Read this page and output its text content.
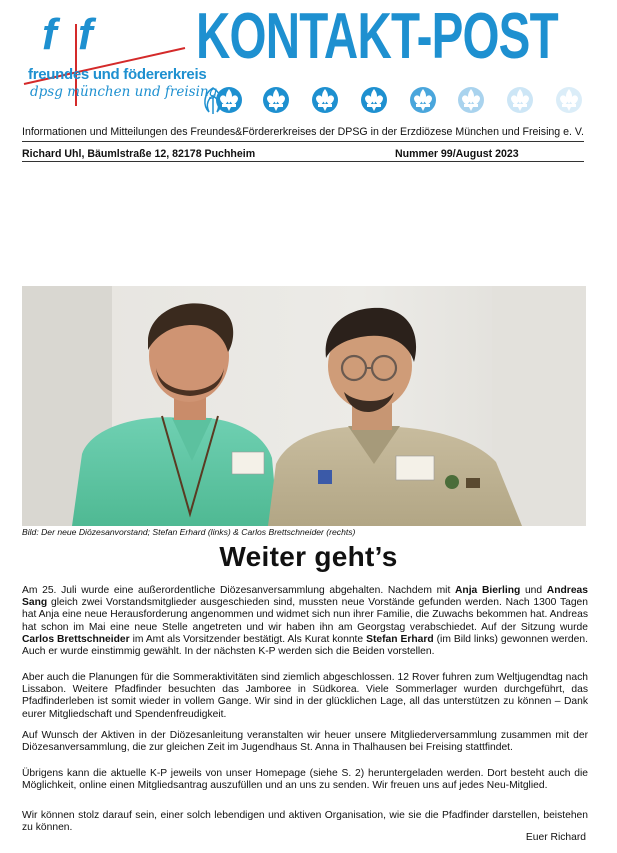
f f
freundes und födererkreis
dpsg münchen und freising
KONTAKT-POST
Informationen und Mitteilungen des Freundes&Fördererkreises der DPSG in der Erzdiözese München und Freising e. V.
Richard Uhl, Bäumlstraße 12, 82178 Puchheim	Nummer 99/August 2023
Bild: Der neue Diözesanvorstand; Stefan Erhard (links) & Carlos Brettschneider (rechts)
Weiter geht’s
Am 25. Juli wurde eine außerordentliche Diözesanversammlung abgehalten. Nachdem mit Anja Bierling und Andreas Sang gleich zwei Vorstandsmitglieder ausgeschieden sind, mussten neue Vorstände gefunden werden. Nach 1300 Tagen hat Anja eine neue Herausforderung angenommen und widmet sich nun ihrer Familie, die Zuwachs bekommen hat. Andreas hat schon im Mai eine neue Stelle angetreten und wir haben ihn am Georgstag verabschiedet. Auf der Sitzung wurde Carlos Brettschneider im Amt als Vorsitzender bestätigt. Als Kurat konnte Stefan Erhard (im Bild links) gewonnen werden. Auch er wurde einstimmig gewählt. In der nächsten K-P werden sich die Beiden vorstellen.
Aber auch die Planungen für die Sommeraktivitäten sind ziemlich abgeschlossen. 12 Rover fuhren zum Weltjugendtag nach Lissabon. Weitere Pfadfinder besuchten das Jamboree in Südkorea. Viele Sommerlager wurden durchgeführt, das Pfadfinderleben ist somit wieder in vollem Gange. Wir sind in der glücklichen Lage, all das unterstützen zu können – Dank eurer Mitgliedschaft und Spendenfreudigkeit.
Auf Wunsch der Aktiven in der Diözesanleitung veranstalten wir heuer unsere Mitgliederversammlung zusammen mit der Diözesanversammlung, die zur gleichen Zeit im Jugendhaus St. Anna in Thalhausen bei Freising stattfindet.
Übrigens kann die aktuelle K-P jeweils von unser Homepage (siehe S. 2) heruntergeladen werden. Dort besteht auch die Möglichkeit, online einen Mitgliedsantrag auszufüllen und an uns zu senden. Wir freuen uns auf jedes Neu-Mitglied.
Wir können stolz darauf sein, einer solch lebendigen und aktiven Organisation, wie sie die Pfadfinder darstellen, beistehen zu können.
Euer Richard
